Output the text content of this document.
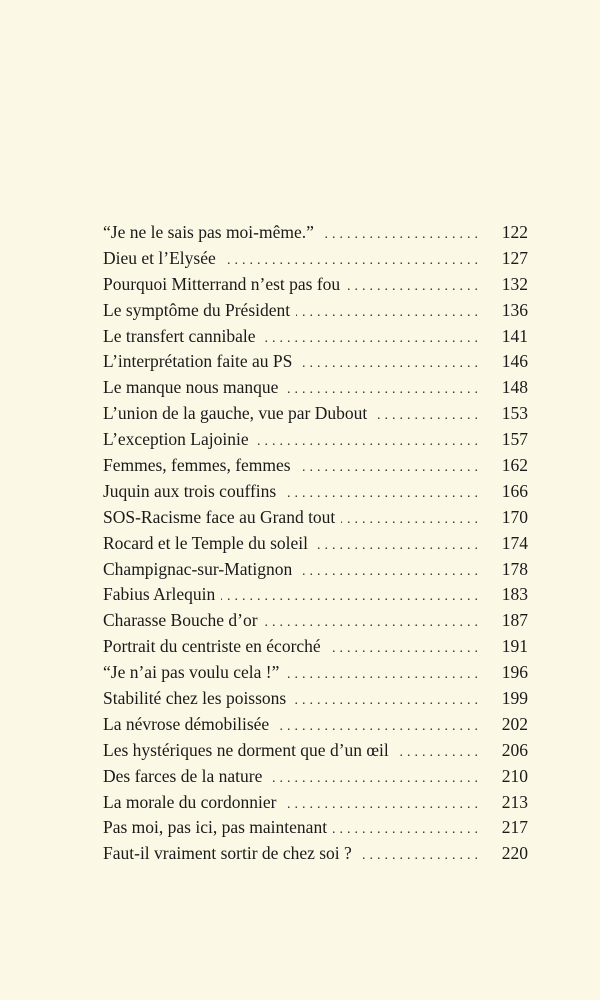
“Je ne le sais pas moi-même.” .....	122
Dieu et l’Elysée .....	127
Pourquoi Mitterrand n’est pas fou .....	132
Le symptôme du Président .....	136
Le transfert cannibale .....	141
L’interprétation faite au PS .....	146
Le manque nous manque .....	148
L’union de la gauche, vue par Dubout .....	153
L’exception Lajoinie .....	157
Femmes, femmes, femmes .....	162
Juquin aux trois couffins .....	166
SOS-Racisme face au Grand tout .....	170
Rocard et le Temple du soleil .....	174
Champignac-sur-Matignon .....	178
Fabius Arlequin .....	183
Charasse Bouche d’or .....	187
Portrait du centriste en écorché .....	191
“Je n’ai pas voulu cela !” .....	196
Stabilité chez les poissons .....	199
La névrose démobilisée .....	202
Les hystériques ne dorment que d’un œil .....	206
Des farces de la nature .....	210
La morale du cordonnier .....	213
Pas moi, pas ici, pas maintenant .....	217
Faut-il vraiment sortir de chez soi ? .....	220
